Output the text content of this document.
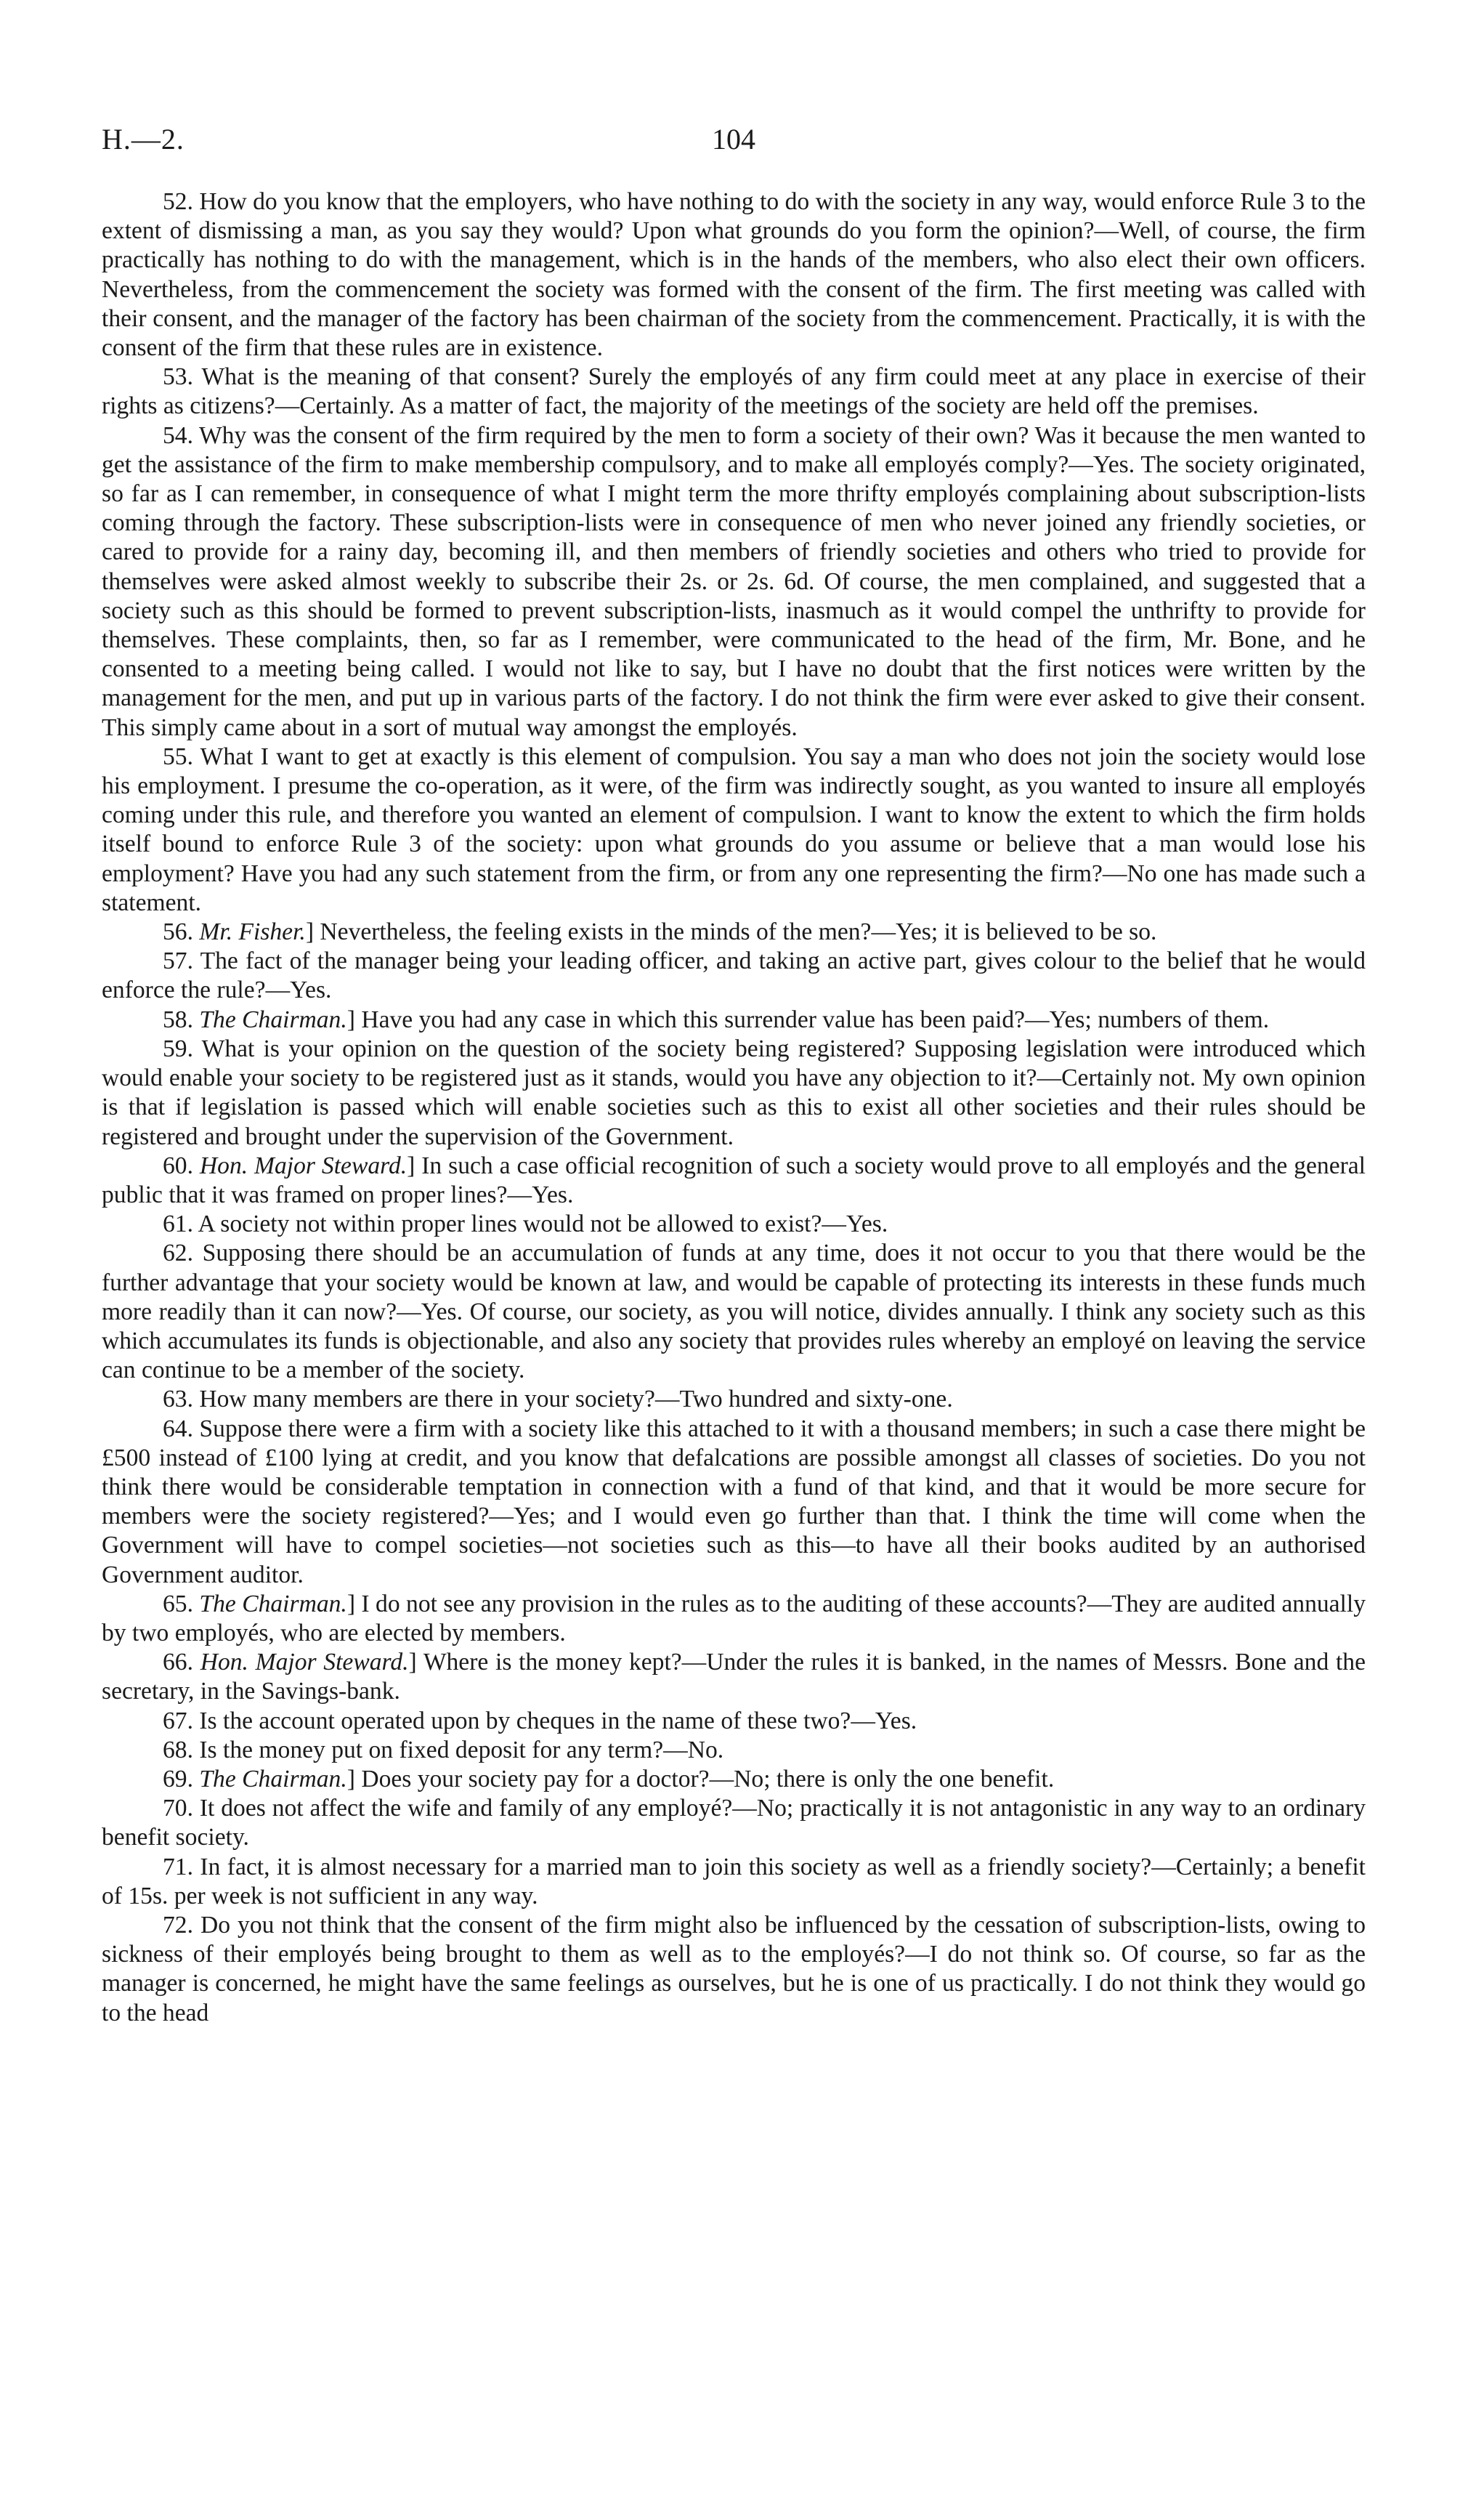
H.—2.	104

52. How do you know that the employers, who have nothing to do with the society in any way, would enforce Rule 3 to the extent of dismissing a man, as you say they would? Upon what grounds do you form the opinion?—Well, of course, the firm practically has nothing to do with the management, which is in the hands of the members, who also elect their own officers. Nevertheless, from the commencement the society was formed with the consent of the firm. The first meeting was called with their consent, and the manager of the factory has been chairman of the society from the commencement. Practically, it is with the consent of the firm that these rules are in existence.

53. What is the meaning of that consent? Surely the employés of any firm could meet at any place in exercise of their rights as citizens?—Certainly. As a matter of fact, the majority of the meetings of the society are held off the premises.

54. Why was the consent of the firm required by the men to form a society of their own? Was it because the men wanted to get the assistance of the firm to make membership compulsory, and to make all employés comply?—Yes. The society originated, so far as I can remember, in consequence of what I might term the more thrifty employés complaining about subscription-lists coming through the factory. These subscription-lists were in consequence of men who never joined any friendly societies, or cared to provide for a rainy day, becoming ill, and then members of friendly societies and others who tried to provide for themselves were asked almost weekly to subscribe their 2s. or 2s. 6d. Of course, the men complained, and suggested that a society such as this should be formed to prevent subscription-lists, inasmuch as it would compel the unthrifty to provide for themselves. These complaints, then, so far as I remember, were communicated to the head of the firm, Mr. Bone, and he consented to a meeting being called. I would not like to say, but I have no doubt that the first notices were written by the management for the men, and put up in various parts of the factory. I do not think the firm were ever asked to give their consent. This simply came about in a sort of mutual way amongst the employés.

55. What I want to get at exactly is this element of compulsion. You say a man who does not join the society would lose his employment. I presume the co-operation, as it were, of the firm was indirectly sought, as you wanted to insure all employés coming under this rule, and therefore you wanted an element of compulsion. I want to know the extent to which the firm holds itself bound to enforce Rule 3 of the society: upon what grounds do you assume or believe that a man would lose his employment? Have you had any such statement from the firm, or from any one representing the firm?—No one has made such a statement.

56. Mr. Fisher.] Nevertheless, the feeling exists in the minds of the men?—Yes; it is believed to be so.

57. The fact of the manager being your leading officer, and taking an active part, gives colour to the belief that he would enforce the rule?—Yes.

58. The Chairman.] Have you had any case in which this surrender value has been paid?—Yes; numbers of them.

59. What is your opinion on the question of the society being registered? Supposing legislation were introduced which would enable your society to be registered just as it stands, would you have any objection to it?—Certainly not. My own opinion is that if legislation is passed which will enable societies such as this to exist all other societies and their rules should be registered and brought under the supervision of the Government.

60. Hon. Major Steward.] In such a case official recognition of such a society would prove to all employés and the general public that it was framed on proper lines?—Yes.

61. A society not within proper lines would not be allowed to exist?—Yes.

62. Supposing there should be an accumulation of funds at any time, does it not occur to you that there would be the further advantage that your society would be known at law, and would be capable of protecting its interests in these funds much more readily than it can now?—Yes. Of course, our society, as you will notice, divides annually. I think any society such as this which accumulates its funds is objectionable, and also any society that provides rules whereby an employé on leaving the service can continue to be a member of the society.

63. How many members are there in your society?—Two hundred and sixty-one.

64. Suppose there were a firm with a society like this attached to it with a thousand members; in such a case there might be £500 instead of £100 lying at credit, and you know that defalcations are possible amongst all classes of societies. Do you not think there would be considerable temptation in connection with a fund of that kind, and that it would be more secure for members were the society registered?—Yes; and I would even go further than that. I think the time will come when the Government will have to compel societies—not societies such as this—to have all their books audited by an authorised Government auditor.

65. The Chairman.] I do not see any provision in the rules as to the auditing of these accounts?—They are audited annually by two employés, who are elected by members.

66. Hon. Major Steward.] Where is the money kept?—Under the rules it is banked, in the names of Messrs. Bone and the secretary, in the Savings-bank.

67. Is the account operated upon by cheques in the name of these two?—Yes.

68. Is the money put on fixed deposit for any term?—No.

69. The Chairman.] Does your society pay for a doctor?—No; there is only the one benefit.

70. It does not affect the wife and family of any employé?—No; practically it is not antagonistic in any way to an ordinary benefit society.

71. In fact, it is almost necessary for a married man to join this society as well as a friendly society?—Certainly; a benefit of 15s. per week is not sufficient in any way.

72. Do you not think that the consent of the firm might also be influenced by the cessation of subscription-lists, owing to sickness of their employés being brought to them as well as to the employés?—I do not think so. Of course, so far as the manager is concerned, he might have the same feelings as ourselves, but he is one of us practically. I do not think they would go to the head
